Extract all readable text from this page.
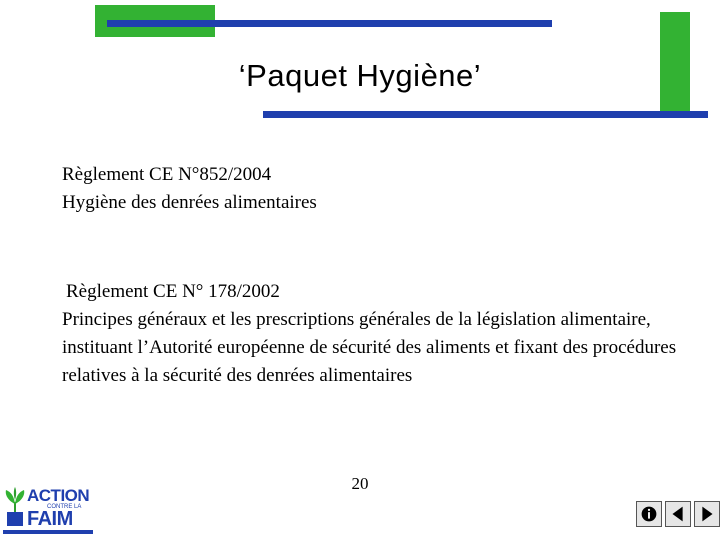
‘Paquet Hygiène’
Règlement CE N°852/2004
Hygiène des denrées alimentaires
Règlement CE N° 178/2002
Principes généraux et les prescriptions générales de la législation alimentaire, instituant l’Autorité européenne de sécurité des aliments et fixant des procédures relatives à la sécurité des denrées alimentaires
20
ACTION
CONTRE LA
FAIM
